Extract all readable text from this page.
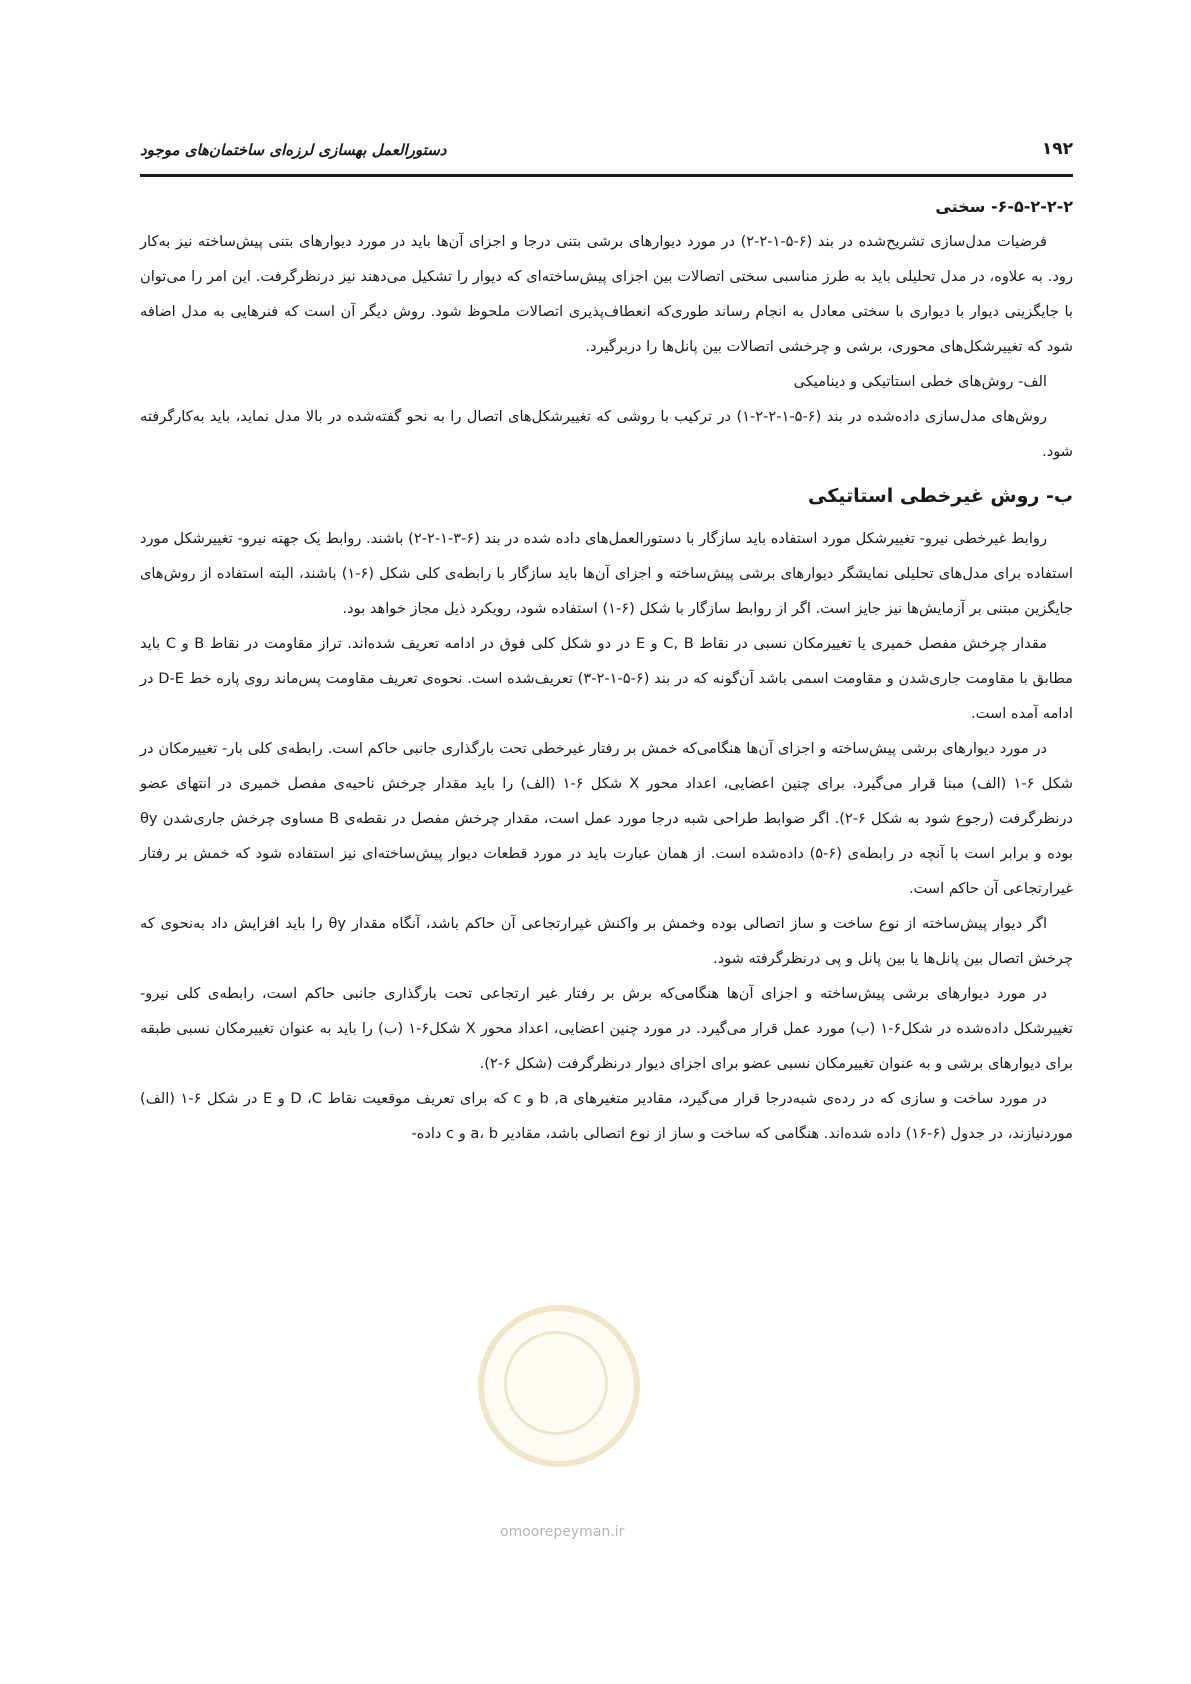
۱۹۲
دستورالعمل بهسازی لرزه‌ای ساختمان‌های موجود
۶-۵-۲-۲-۲- سختی

فرضیات مدل‌سازی تشریح‌شده در بند (۶-۵-۱-۲-۲) در مورد دیوارهای برشی بتنی درجا و اجزای آن‌ها باید در مورد دیوارهای بتنی پیش‌ساخته نیز به‌کار رود. به علاوه، در مدل تحلیلی باید به طرز مناسبی سختی اتصالات بین اجزای پیش‌ساخته‌ای که دیوار را تشکیل می‌دهند نیز درنظرگرفت. این امر را می‌توان با جایگزینی دیوار با دیواری با سختی معادل به انجام رساند طوری‌که انعطاف‌پذیری اتصالات ملحوظ شود. روش دیگر آن است که فنرهایی به مدل اضافه شود که تغییرشکل‌های محوری، برشی و چرخشی اتصالات بین پانل‌ها را دربرگیرد.

الف- روش‌های خطی استاتیکی و دینامیکی

روش‌های مدل‌سازی داده‌شده در بند (۶-۵-۱-۲-۲-۱) در ترکیب با روشی که تغییرشکل‌های اتصال را به نحو گفته‌شده در بالا مدل نماید، باید به‌کارگرفته شود.

ب- روش غیرخطی استاتیکی

روابط غیرخطی نیرو- تغییرشکل مورد استفاده باید سازگار با دستورالعمل‌های داده شده در بند (۶-۳-۱-۲-۲) باشند. روابط یک جهته نیرو- تغییرشکل مورد استفاده برای مدل‌های تحلیلی نمایشگر دیوارهای برشی پیش‌ساخته و اجزای آن‌ها باید سازگار با رابطه‌ی کلی شکل (۶-۱) باشند، البته استفاده از روش‌های جایگزین مبتنی بر آزمایش‌ها نیز جایز است. اگر از روابط سازگار با شکل (۶-۱) استفاده شود، رویکرد ذیل مجاز خواهد بود.

مقدار چرخش مفصل خمیری یا تغییرمکان نسبی در نقاط C, B و E در دو شکل کلی فوق در ادامه تعریف شده‌اند. تراز مقاومت در نقاط B و C باید مطابق با مقاومت جاری‌شدن و مقاومت اسمی باشد آن‌گونه که در بند (۶-۵-۱-۲-۳) تعریف‌شده است. نحوه‌ی تعریف مقاومت پس‌ماند روی پاره خط D-E در ادامه آمده است.

در مورد دیوارهای برشی پیش‌ساخته و اجزای آن‌ها هنگامی‌که خمش بر رفتار غیرخطی تحت بارگذاری جانبی حاکم است. رابطه‌ی کلی بار- تغییرمکان در شکل ۶-۱ (الف) مبنا قرار می‌گیرد. برای چنین اعضایی، اعداد محور X شکل ۶-۱ (الف) را باید مقدار چرخش ناحیه‌ی مفصل خمیری در انتهای عضو درنظرگرفت (رجوع شود به شکل ۶-۲). اگر ضوابط طراحی شبه درجا مورد عمل است، مقدار چرخش مفصل در نقطه‌ی B مساوی چرخش جاری‌شدن θy بوده و برابر است با آنچه در رابطه‌ی (۶-۵) داده‌شده است. از همان عبارت باید در مورد قطعات دیوار پیش‌ساخته‌ای نیز استفاده شود که خمش بر رفتار غیرارتجاعی آن حاکم است.

اگر دیوار پیش‌ساخته از نوع ساخت و ساز اتصالی بوده وخمش بر واکنش غیرارتجاعی آن حاکم باشد، آنگاه مقدار θy را باید افزایش داد به‌نحوی که چرخش اتصال بین پانل‌ها یا بین پانل و پی درنظرگرفته شود.

در مورد دیوارهای برشی پیش‌ساخته و اجزای آن‌ها هنگامی‌که برش بر رفتار غیر ارتجاعی تحت بارگذاری جانبی حاکم است، رابطه‌ی کلی نیرو- تغییرشکل داده‌شده در شکل۶-۱ (ب) مورد عمل قرار می‌گیرد. در مورد چنین اعضایی، اعداد محور X شکل۶-۱ (ب) را باید به عنوان تغییرمکان نسبی طبقه برای دیوارهای برشی و به عنوان تغییرمکان نسبی عضو برای اجزای دیوار درنظرگرفت (شکل ۶-۲).

در مورد ساخت و سازی که در رده‌ی شبه‌درجا قرار می‌گیرد، مقادیر متغیرهای b ,a و c که برای تعریف موقعیت نقاط D ،C و E در شکل ۶-۱ (الف) موردنیازند، در جدول (۶-۱۶) داده شده‌اند. هنگامی که ساخت و ساز از نوع اتصالی باشد، مقادیر a، b و c داده-

omoorepeyman.ir
